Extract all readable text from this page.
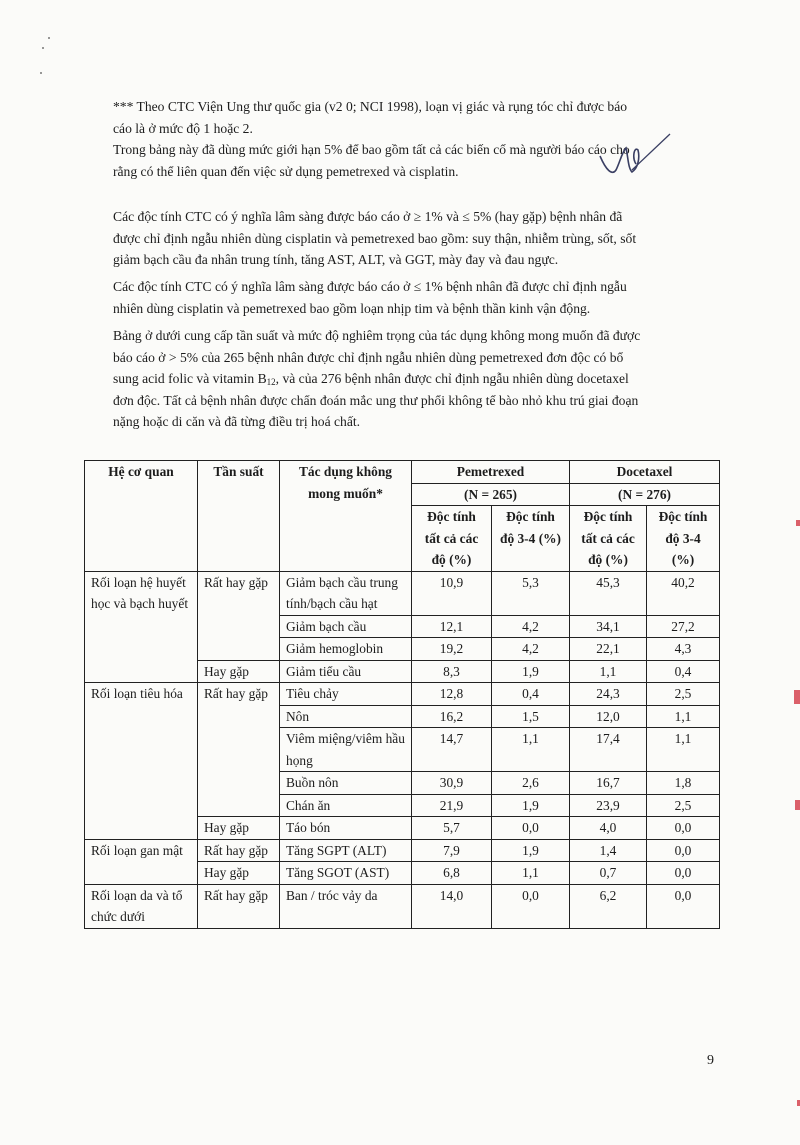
*** Theo CTC Viện Ung thư quốc gia (v2 0; NCI 1998), loạn vị giác và rụng tóc chỉ được báo
cáo là ở mức độ 1 hoặc 2.
Trong bảng này đã dùng mức giới hạn 5% để bao gồm tất cả các biến cố mà người báo cáo cho
rằng có thể liên quan đến việc sử dụng pemetrexed và cisplatin.
Các độc tính CTC có ý nghĩa lâm sàng được báo cáo ở ≥ 1% và ≤ 5% (hay gặp) bệnh nhân đã
được chỉ định ngẫu nhiên dùng cisplatin và pemetrexed bao gồm: suy thận, nhiễm trùng, sốt, sốt
giảm bạch cầu đa nhân trung tính, tăng AST, ALT, và GGT, mày đay và đau ngực.
Các độc tính CTC có ý nghĩa lâm sàng được báo cáo ở ≤ 1% bệnh nhân đã được chỉ định ngẫu
nhiên dùng cisplatin và pemetrexed bao gồm loạn nhịp tim và bệnh thần kinh vận động.
Bảng ở dưới cung cấp tần suất và mức độ nghiêm trọng của tác dụng không mong muốn đã được
báo cáo ở > 5% của 265 bệnh nhân được chỉ định ngẫu nhiên dùng pemetrexed đơn độc có bổ
sung acid folic và vitamin $B_{12}$, và của 276 bệnh nhân được chỉ định ngẫu nhiên dùng docetaxel
đơn độc. Tất cả bệnh nhân được chẩn đoán mắc ung thư phổi không tế bào nhỏ khu trú giai đoạn
nặng hoặc di căn và đã từng điều trị hoá chất.
Hệ cơ quan	Tần suất	Tác dụng không mong muốn*	Pemetrexed		Docetaxel	
			(N = 265)		(N = 276)	
			Độc tính tất cả các độ (%)	Độc tính độ 3-4 (%)	Độc tính tất cả các độ (%)	Độc tính độ 3-4 (%)
Rối loạn hệ huyết học và bạch huyết	Rất hay gặp	Giảm bạch cầu trung tính/bạch cầu hạt	10,9	5,3	45,3	40,2
		Giảm bạch cầu	12,1	4,2	34,1	27,2
		Giảm hemoglobin	19,2	4,2	22,1	4,3
	Hay gặp	Giảm tiểu cầu	8,3	1,9	1,1	0,4
Rối loạn tiêu hóa	Rất hay gặp	Tiêu chảy	12,8	0,4	24,3	2,5
		Nôn	16,2	1,5	12,0	1,1
		Viêm miệng/viêm hầu họng	14,7	1,1	17,4	1,1
		Buồn nôn	30,9	2,6	16,7	1,8
		Chán ăn	21,9	1,9	23,9	2,5
	Hay gặp	Táo bón	5,7	0,0	4,0	0,0
Rối loạn gan mật	Rất hay gặp	Tăng SGPT (ALT)	7,9	1,9	1,4	0,0
	Hay gặp	Tăng SGOT (AST)	6,8	1,1	0,7	0,0
Rối loạn da và tổ chức dưới	Rất hay gặp	Ban / tróc vảy da	14,0	0,0	6,2	0,0
9
